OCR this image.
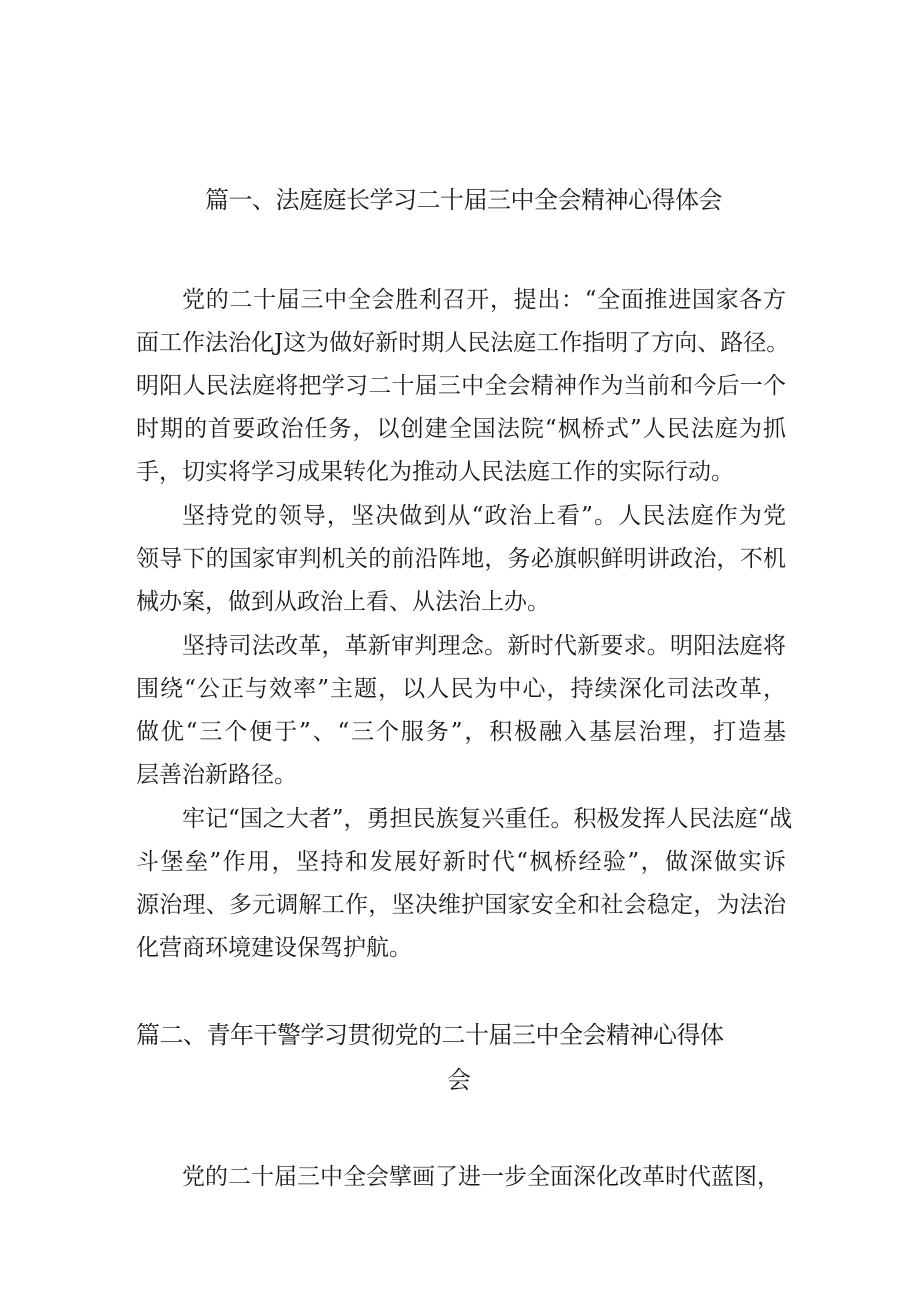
篇一、法庭庭长学习二十届三中全会精神心得体会
党的二十届三中全会胜利召开，提出：“全面推进国家各方
面工作法治化J这为做好新时期人民法庭工作指明了方向、路径。
明阳人民法庭将把学习二十届三中全会精神作为当前和今后一个
时期的首要政治任务，以创建全国法院“枫桥式”人民法庭为抓
手，切实将学习成果转化为推动人民法庭工作的实际行动。
坚持党的领导，坚决做到从“政治上看”。人民法庭作为党
领导下的国家审判机关的前沿阵地，务必旗帜鲜明讲政治，不机
械办案，做到从政治上看、从法治上办。
坚持司法改革，革新审判理念。新时代新要求。明阳法庭将
围绕“公正与效率”主题，以人民为中心，持续深化司法改革，
做优“三个便于”、“三个服务”，积极融入基层治理，打造基
层善治新路径。
牢记“国之大者”，勇担民族复兴重任。积极发挥人民法庭“战
斗堡垒”作用，坚持和发展好新时代“枫桥经验”，做深做实诉
源治理、多元调解工作，坚决维护国家安全和社会稳定，为法治
化营商环境建设保驾护航。
篇二、青年干警学习贯彻党的二十届三中全会精神心得体
会
党的二十届三中全会擘画了进一步全面深化改革时代蓝图，
